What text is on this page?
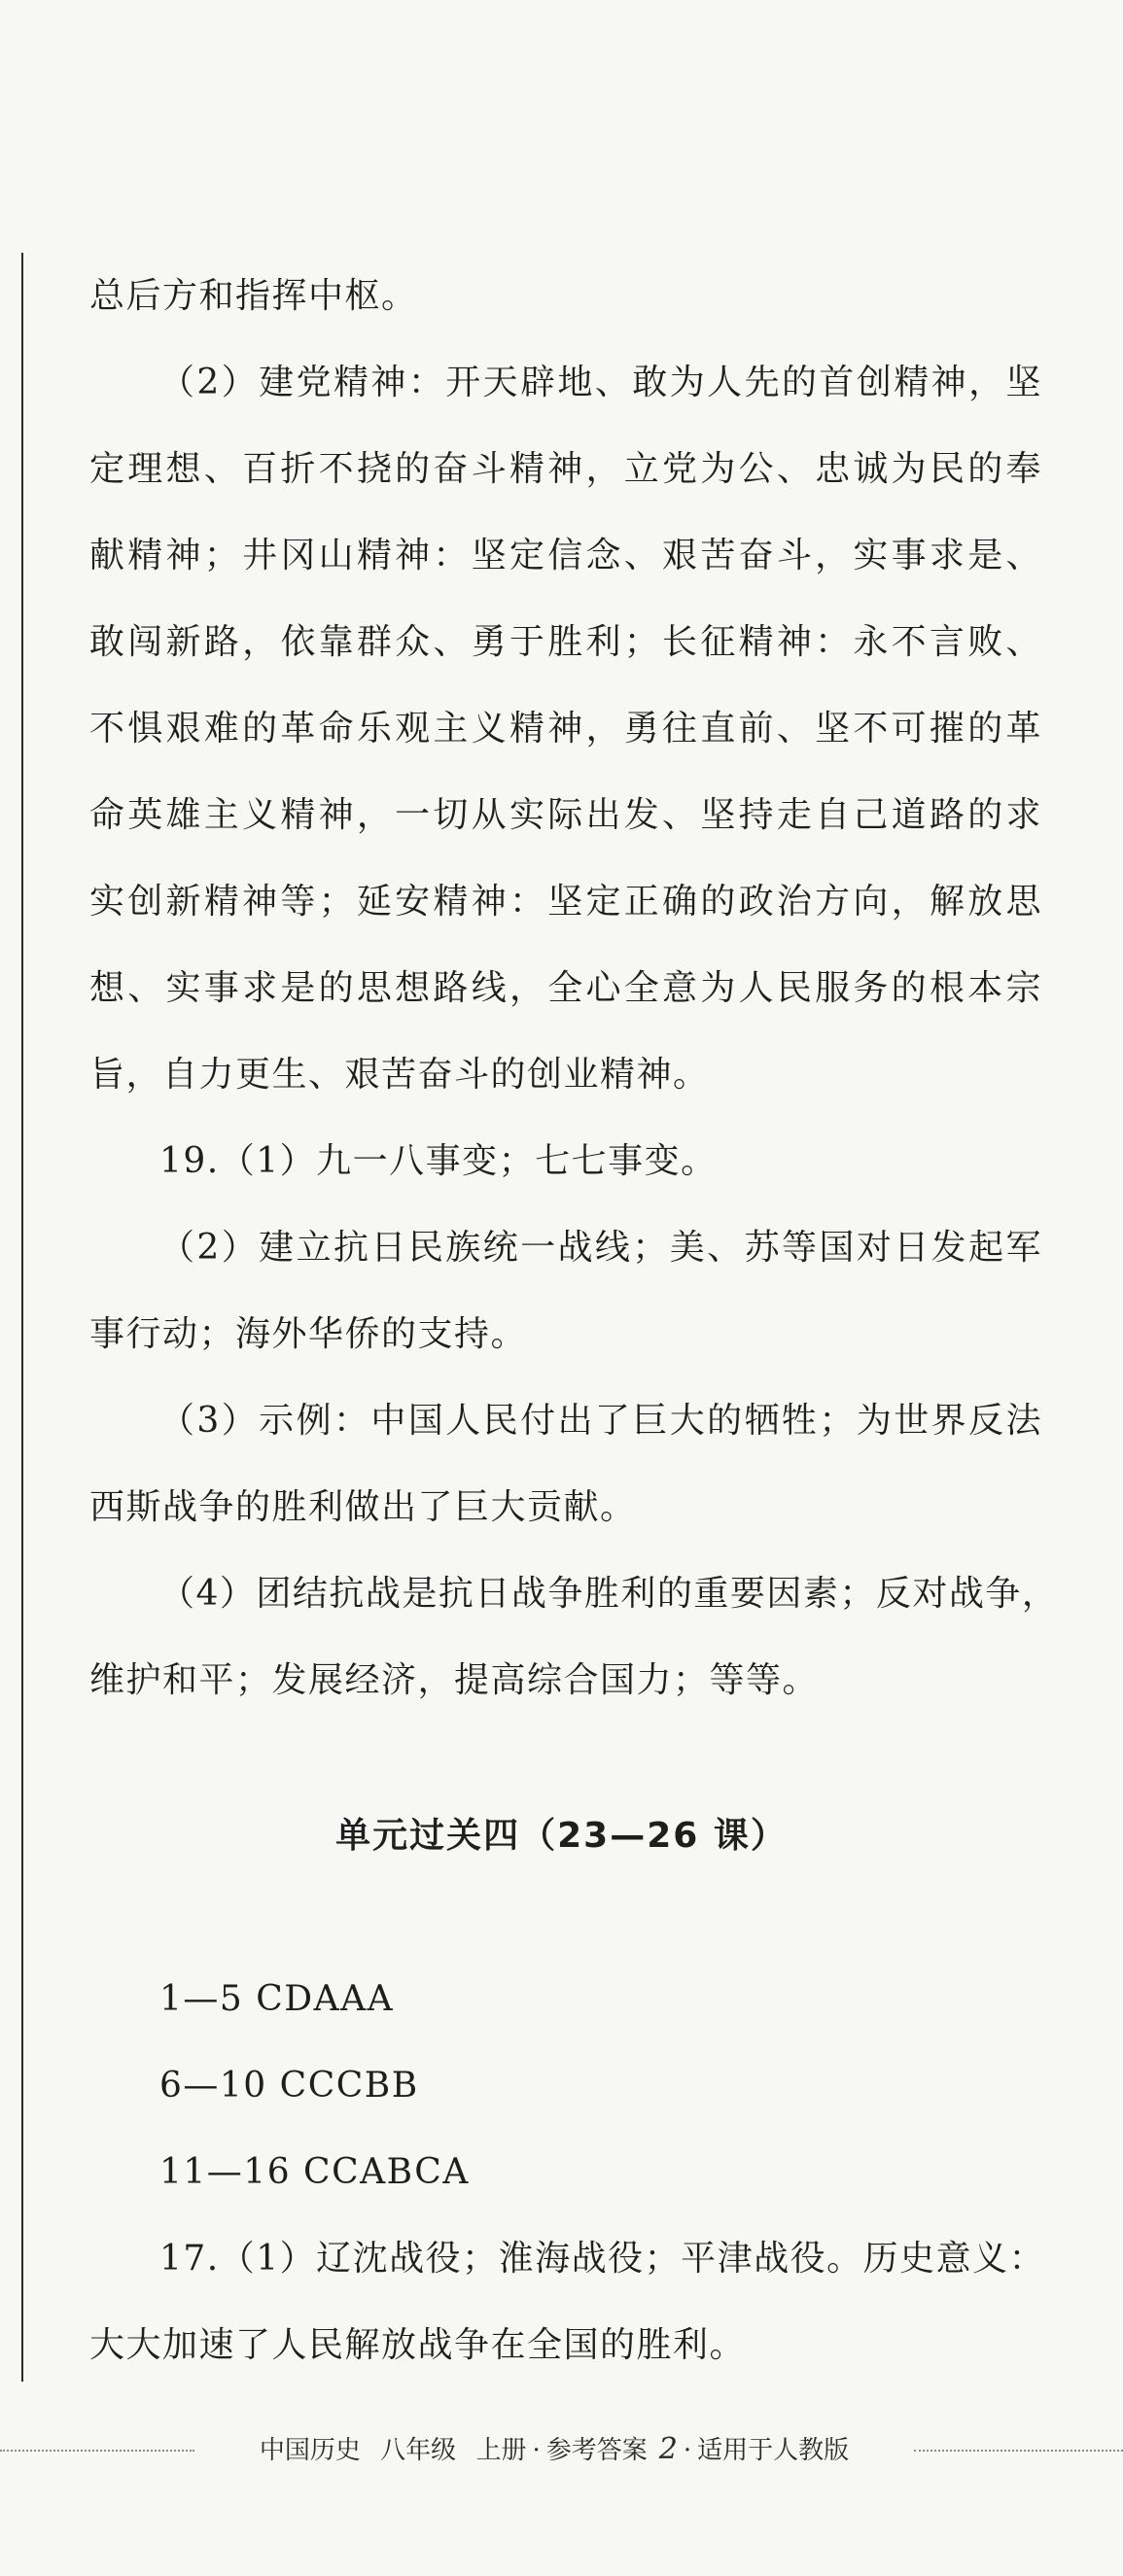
总后方和指挥中枢。
（2）建党精神：开天辟地、敢为人先的首创精神，坚
定理想、百折不挠的奋斗精神，立党为公、忠诚为民的奉
献精神；井冈山精神：坚定信念、艰苦奋斗，实事求是、
敢闯新路，依靠群众、勇于胜利；长征精神：永不言败、
不惧艰难的革命乐观主义精神，勇往直前、坚不可摧的革
命英雄主义精神，一切从实际出发、坚持走自己道路的求
实创新精神等；延安精神：坚定正确的政治方向，解放思
想、实事求是的思想路线，全心全意为人民服务的根本宗
旨，自力更生、艰苦奋斗的创业精神。
19.（1）九一八事变；七七事变。
（2）建立抗日民族统一战线；美、苏等国对日发起军
事行动；海外华侨的支持。
（3）示例：中国人民付出了巨大的牺牲；为世界反法
西斯战争的胜利做出了巨大贡献。
（4）团结抗战是抗日战争胜利的重要因素；反对战争，
维护和平；发展经济，提高综合国力；等等。
单元过关四（23—26 课）
1—5 CDAAA
6—10 CCCBB
11—16 CCABCA
17.（1）辽沈战役；淮海战役；平津战役。历史意义：
大大加速了人民解放战争在全国的胜利。
中国历史 八年级 上册 · 参考答案 2 · 适用于人教版
